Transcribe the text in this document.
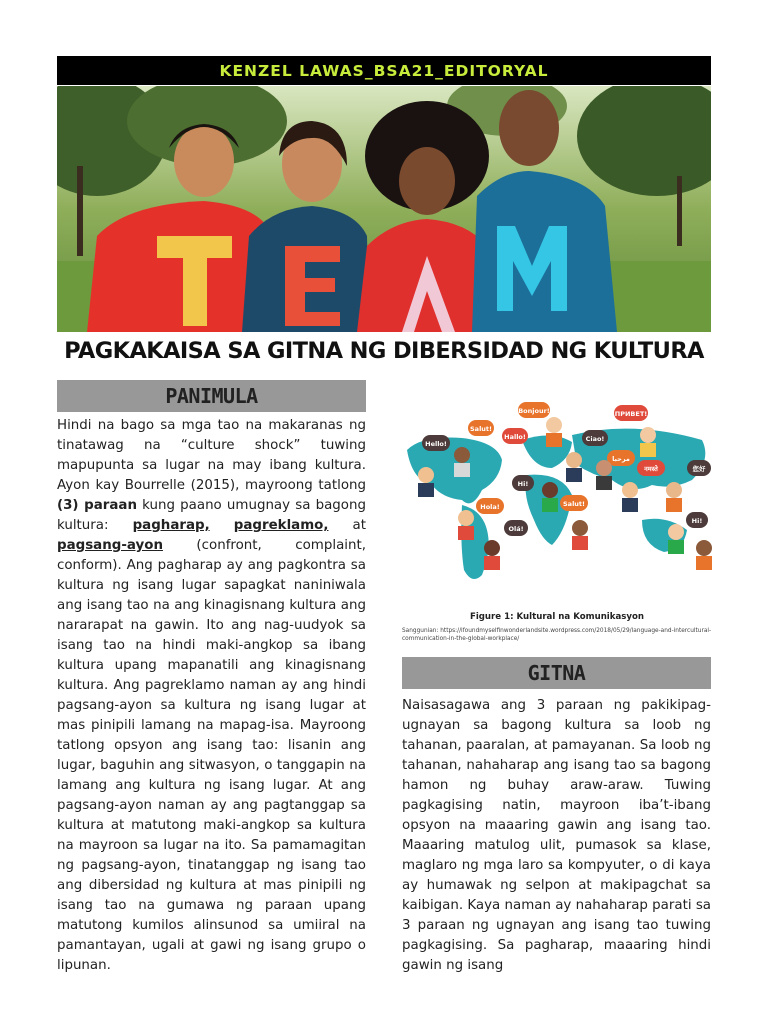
KENZEL LAWAS_BSA21_EDITORYAL
PAGKAKAISA SA GITNA NG DIBERSIDAD NG KULTURA
PANIMULA
Hindi na bago sa mga tao na makaranas ng tinatawag na “culture shock” tuwing mapupunta sa lugar na may ibang kultura. Ayon kay Bourrelle (2015), mayroong tatlong (3) paraan kung paano umugnay sa bagong kultura: pagharap, pagreklamo, at pagsang-ayon (confront, complaint, conform). Ang pagharap ay ang pagkontra sa kultura ng isang lugar sapagkat naniniwala ang isang tao na ang kinagisnang kultura ang nararapat na gawin. Ito ang nag-uudyok sa isang tao na hindi maki-angkop sa ibang kultura upang mapanatili ang kinagisnang kultura. Ang pagreklamo naman ay ang hindi pagsang-ayon sa kultura ng isang lugar at mas pinipili lamang na mapag-isa. Mayroong tatlong opsyon ang isang tao: lisanin ang lugar, baguhin ang sitwasyon, o tanggapin na lamang ang kultura ng isang lugar. At ang pagsang-ayon naman ay ang pagtanggap sa kultura at matutong maki-angkop sa kultura na mayroon sa lugar na ito. Sa pamamagitan ng pagsang-ayon, tinatanggap ng isang tao ang dibersidad ng kultura at mas pinipili ng isang tao na gumawa ng paraan upang matutong kumilos alinsunod sa umiiral na pamantayan, ugali at gawi ng isang grupo o lipunan.
Hello!
Salut!
Bonjour!	ПРИВЕТ!
Hola!
Ciao!
مرحبا
नमस्ते	您好
Hi!
Olá!
Hallo!
Salut!
Hi!
Figure 1: Kultural na Komunikasyon
Sanggunian: https://ifoundmyselfinwonderlandsite.wordpress.com/2018/05/29/language-and-intercultural-communication-in-the-global-workplace/
GITNA
Naisasagawa ang 3 paraan ng pakikipag-ugnayan sa bagong kultura sa loob ng tahanan, paaralan, at pamayanan. Sa loob ng tahanan, nahaharap ang isang tao sa bagong hamon ng buhay araw-araw. Tuwing pagkagising natin, mayroon iba’t-ibang opsyon na maaaring gawin ang isang tao. Maaaring matulog ulit, pumasok sa klase, maglaro ng mga laro sa kompyuter, o di kaya ay humawak ng selpon at makipagchat sa kaibigan. Kaya naman ay nahaharap parati sa 3 paraan ng ugnayan ang isang tao tuwing pagkagising. Sa pagharap, maaaring hindi gawin ng isang
